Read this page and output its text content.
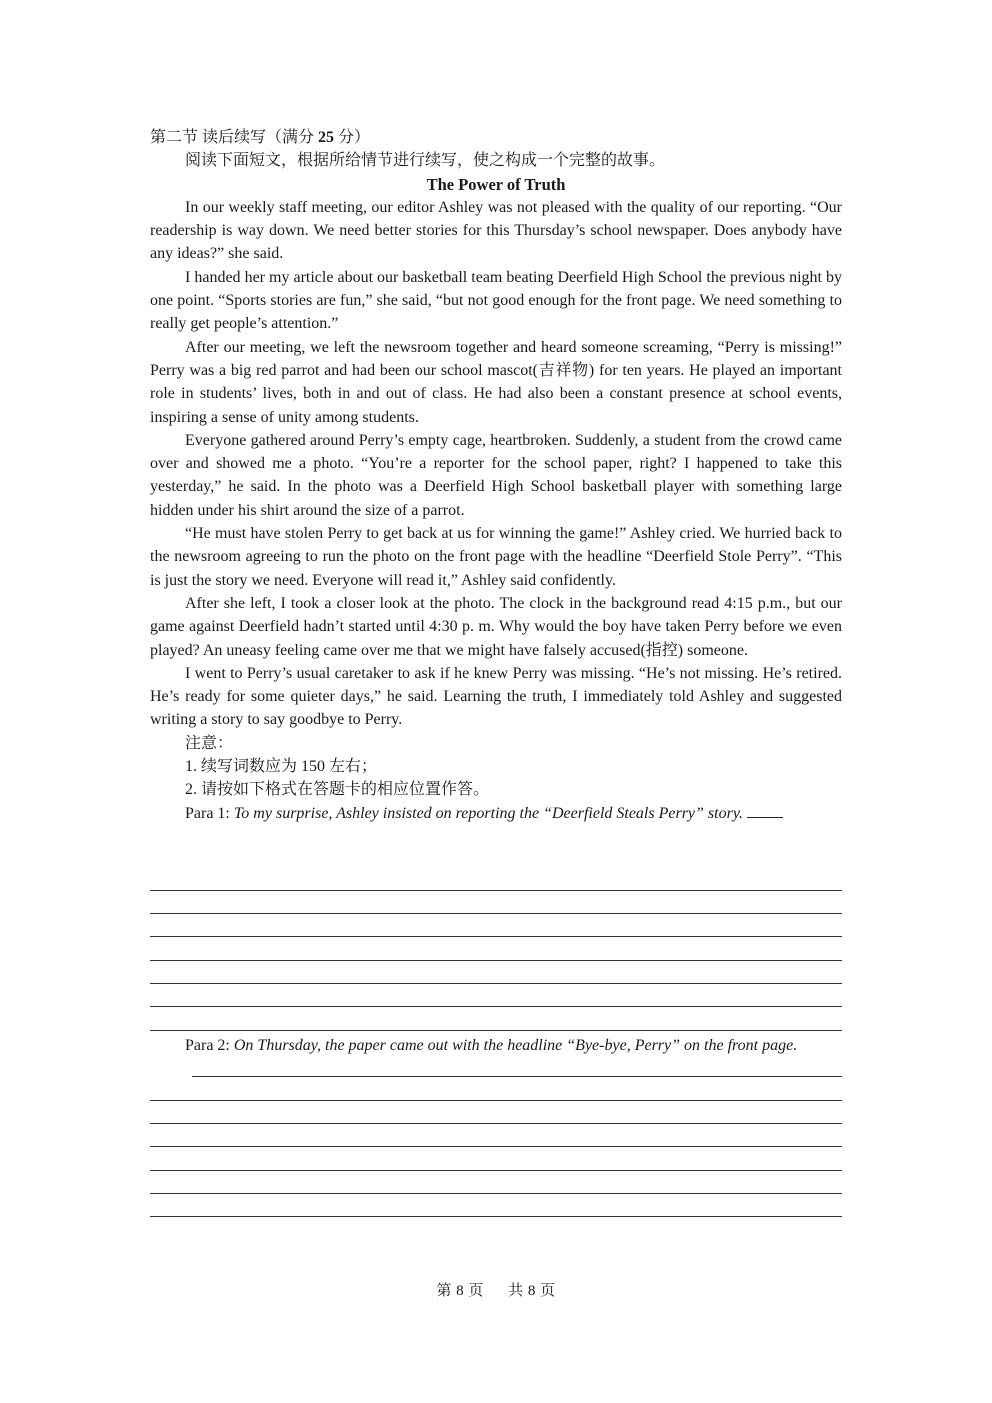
第二节 读后续写（满分 25 分）

阅读下面短文，根据所给情节进行续写，使之构成一个完整的故事。

The Power of Truth

In our weekly staff meeting, our editor Ashley was not pleased with the quality of our reporting. “Our readership is way down. We need better stories for this Thursday’s school newspaper. Does anybody have any ideas?” she said.

I handed her my article about our basketball team beating Deerfield High School the previous night by one point. “Sports stories are fun,” she said, “but not good enough for the front page. We need something to really get people’s attention.”

After our meeting, we left the newsroom together and heard someone screaming, “Perry is missing!” Perry was a big red parrot and had been our school mascot(吉祥物) for ten years. He played an important role in students’ lives, both in and out of class. He had also been a constant presence at school events, inspiring a sense of unity among students.

Everyone gathered around Perry’s empty cage, heartbroken. Suddenly, a student from the crowd came over and showed me a photo. “You’re a reporter for the school paper, right? I happened to take this yesterday,” he said. In the photo was a Deerfield High School basketball player with something large hidden under his shirt around the size of a parrot.

“He must have stolen Perry to get back at us for winning the game!” Ashley cried. We hurried back to the newsroom agreeing to run the photo on the front page with the headline “Deerfield Stole Perry”. “This is just the story we need. Everyone will read it,” Ashley said confidently.

After she left, I took a closer look at the photo. The clock in the background read 4:15 p.m., but our game against Deerfield hadn’t started until 4:30 p. m. Why would the boy have taken Perry before we even played? An uneasy feeling came over me that we might have falsely accused(指控) someone.

I went to Perry’s usual caretaker to ask if he knew Perry was missing. “He’s not missing. He’s retired. He’s ready for some quieter days,” he said. Learning the truth, I immediately told Ashley and suggested writing a story to say goodbye to Perry.

注意：

1. 续写词数应为 150 左右；

2. 请按如下格式在答题卡的相应位置作答。

Para 1: To my surprise, Ashley insisted on reporting the “Deerfield Steals Perry” story.

Para 2: On Thursday, the paper came out with the headline “Bye-bye, Perry” on the front page.

第 8 页 共 8 页
